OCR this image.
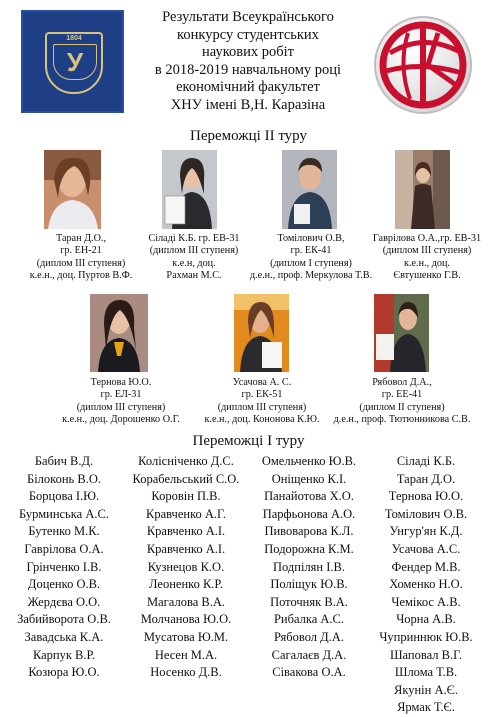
1804
У
Результати Всеукраїнського
конкурсу студентських
наукових робіт
в 2018-2019 навчальному році
економічний факультет
ХНУ імені В,Н. Каразіна
Переможці ІІ туру
Таран Д.О.,
гр. ЕН-21
(диплом ІІІ ступеня)
к.е.н., доц. Пуртов В.Ф.
Сіладі К.Б. гр. ЕВ-31
(диплом ІІІ ступеня)
к.е.н, доц.
Рахман М.С.
Томілович О.В,
гр. ЕК-41
(диплом І ступеня)
д.е.н., проф. Меркулова Т.В.
Гаврілова О.А.,гр. ЕВ-31
(диплом ІІІ ступеня)
к.е.н., доц.
Євтушенко Г.В.
Тернова Ю.О.
гр. ЕЛ-31
(диплом ІІІ ступеня)
к.е.н., доц. Дорошенко О.Г.
Усачова А. С.
гр. ЕК-51
(диплом ІІІ ступеня)
к.е.н., доц. Кононова К.Ю.
Рябовол Д.А.,
гр. ЕЕ-41
(диплом ІІ ступеня)
д.е.н., проф. Тютюнникова С.В.
Переможці І туру
Бабич В.Д.
Білоконь В.О.
Борцова І.Ю.
Бурминська А.С.
Бутенко М.К.
Гаврілова О.А.
Грінченко І.В.
Доценко О.В.
Жердєва О.О.
Забийворота О.В.
Завадська К.А.
Карпук В.Р.
Козюра Ю.О.
Колісніченко Д.С.
Корабельський С.О.
Коровін П.В.
Кравченко А.Г.
Кравченко А.І.
Кравченко А.І.
Кузнецов К.О.
Леоненко К.Р.
Магалова В.А.
Молчанова Ю.О.
Мусатова Ю.М.
Несен М.А.
Носенко Д.В.
Омельченко Ю.В.
Оніщенко К.І.
Панайотова Х.О.
Парфьонова А.О.
Пивоварова К.Л.
Подорожна К.М.
Подпілян І.В.
Поліщук Ю.В.
Поточняк В.А.
Рибалка А.С.
Рябовол Д.А.
Сагалаєв Д.А.
Сівакова О.А.
Сіладі К.Б.
Таран Д.О.
Тернова Ю.О.
Томілович О.В.
Унгур'ян К.Д.
Усачова А.С.
Фендер М.В.
Хоменко Н.О.
Чемікос А.В.
Чорна А.В.
Чуприннюк Ю.В.
Шаповал В.Г.
Шлома Т.В.
Якунін А.Є.
Ярмак Т.Є.
